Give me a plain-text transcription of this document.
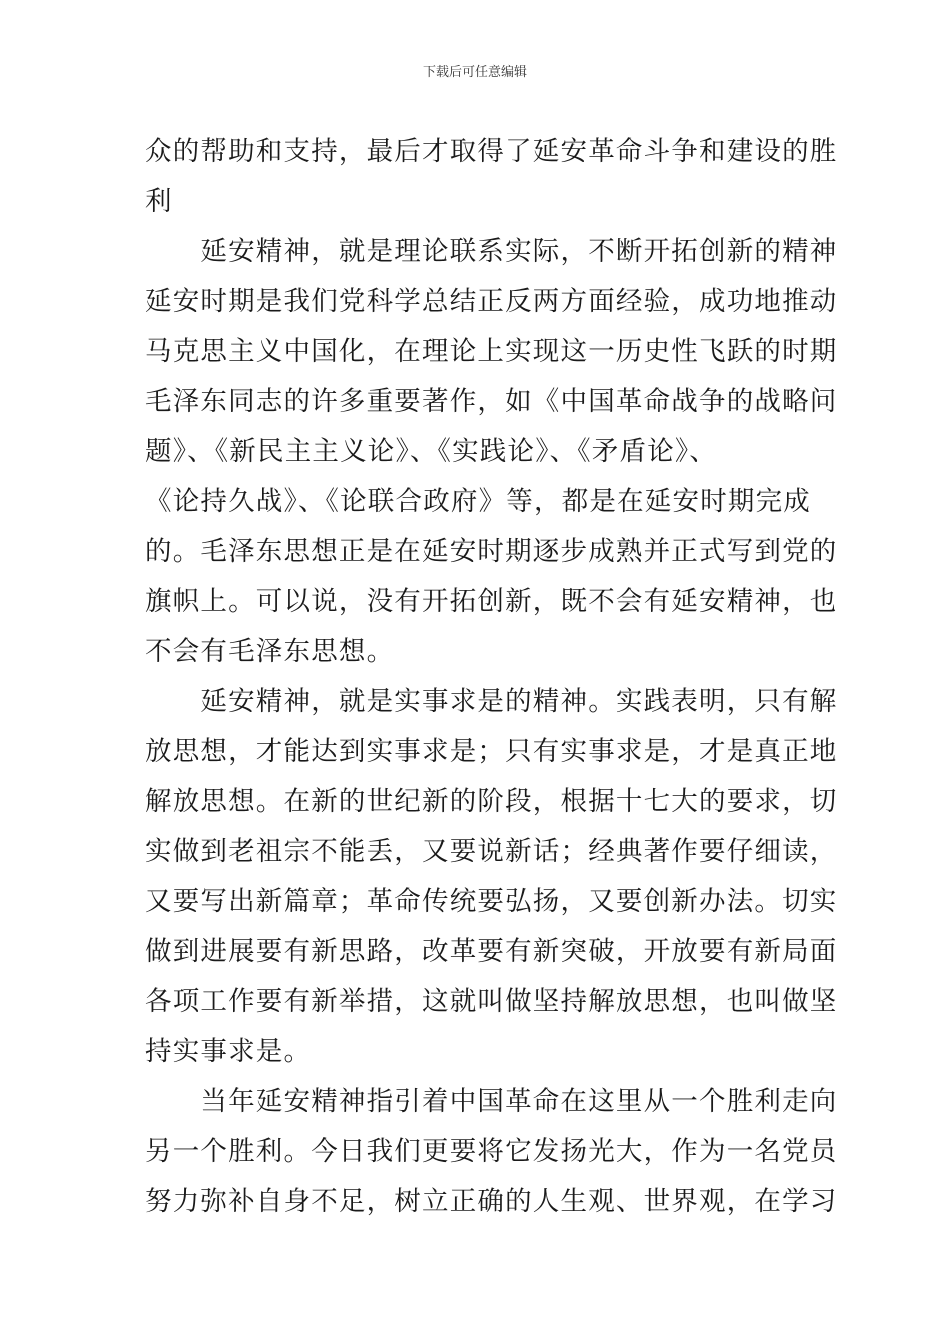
下载后可任意编辑
众的帮助和支持，最后才取得了延安革命斗争和建设的胜
利
　　延安精神，就是理论联系实际，不断开拓创新的精神
延安时期是我们党科学总结正反两方面经验，成功地推动
马克思主义中国化，在理论上实现这一历史性飞跃的时期
毛泽东同志的许多重要著作，如《中国革命战争的战略问
题》、《新民主主义论》、《实践论》、《矛盾论》、
《论持久战》、《论联合政府》等，都是在延安时期完成
的。毛泽东思想正是在延安时期逐步成熟并正式写到党的
旗帜上。可以说，没有开拓创新，既不会有延安精神，也
不会有毛泽东思想。
　　延安精神，就是实事求是的精神。实践表明，只有解
放思想，才能达到实事求是；只有实事求是，才是真正地
解放思想。在新的世纪新的阶段，根据十七大的要求，切
实做到老祖宗不能丢，又要说新话；经典著作要仔细读，
又要写出新篇章；革命传统要弘扬，又要创新办法。切实
做到进展要有新思路，改革要有新突破，开放要有新局面
各项工作要有新举措，这就叫做坚持解放思想，也叫做坚
持实事求是。
　　当年延安精神指引着中国革命在这里从一个胜利走向
另一个胜利。今日我们更要将它发扬光大，作为一名党员
努力弥补自身不足，树立正确的人生观、世界观，在学习
